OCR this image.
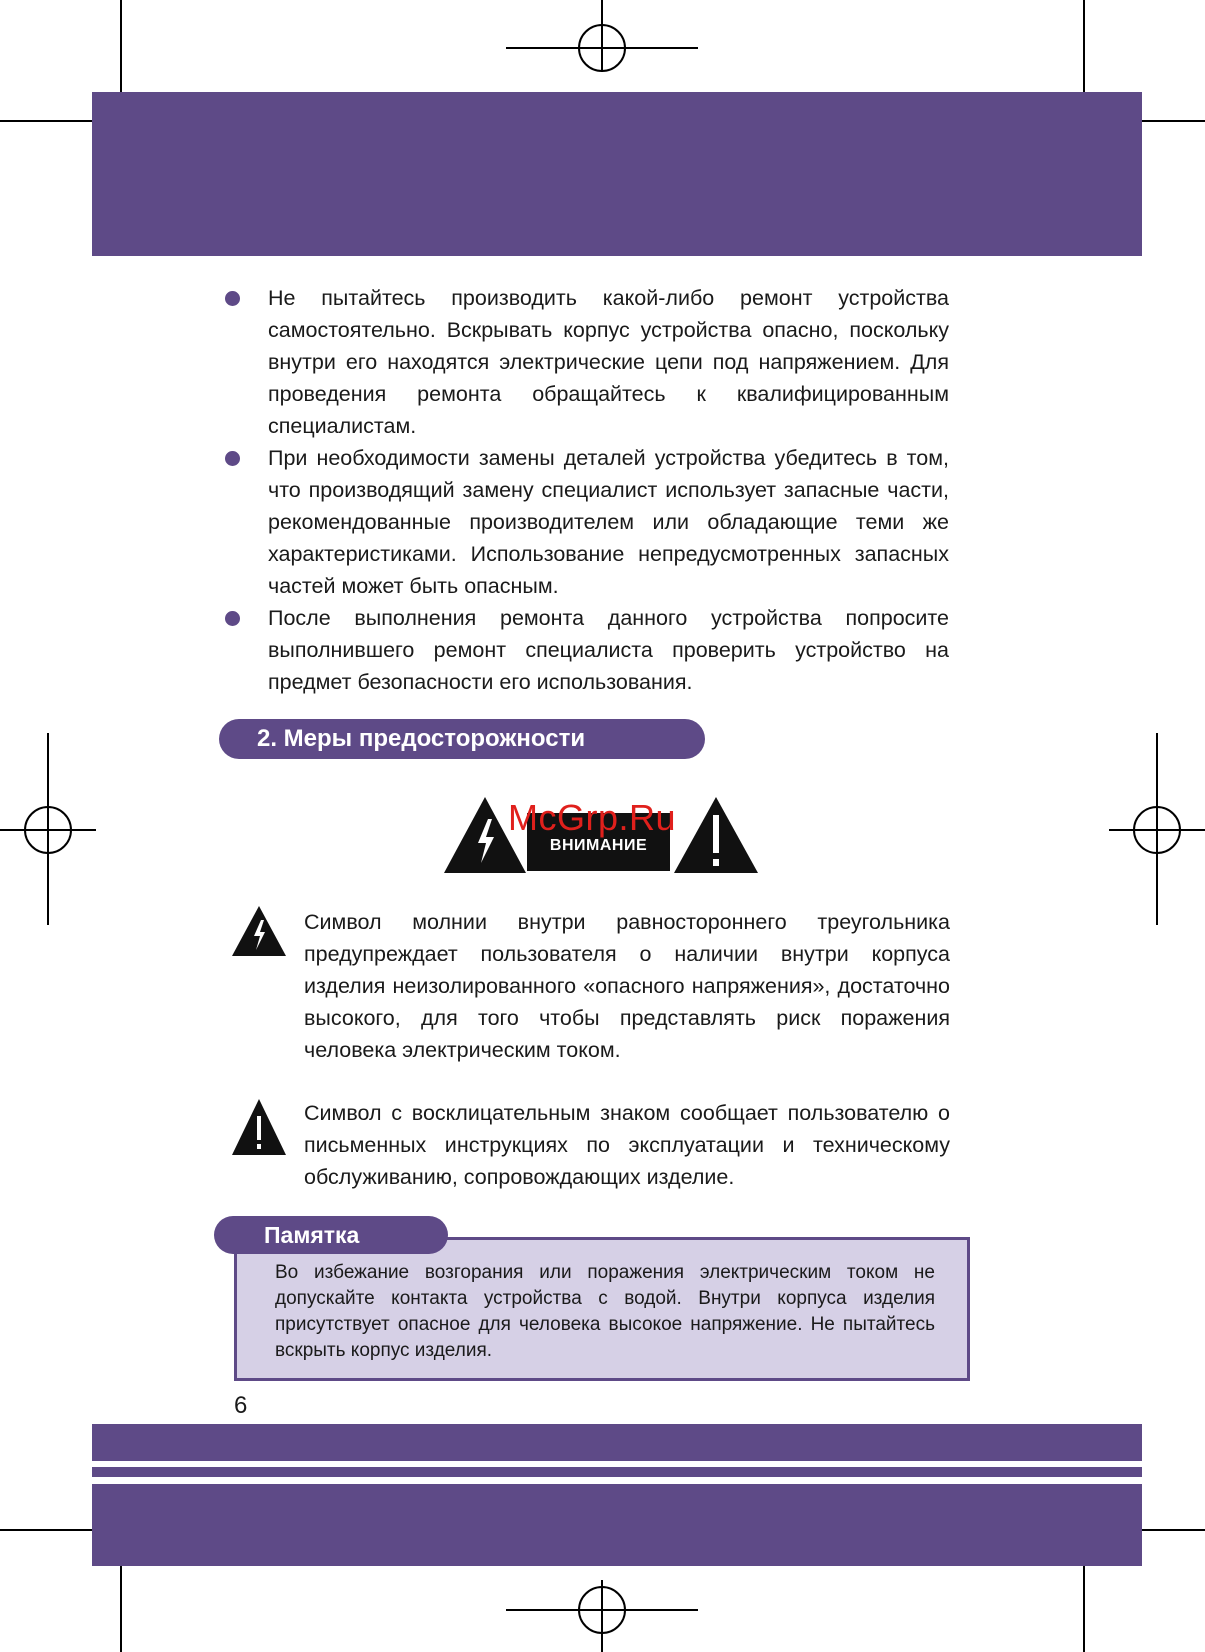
Не пытайтесь производить какой-либо ремонт устройства самостоятельно. Вскрывать корпус устройства опасно, поскольку внутри его находятся электрические цепи под напряжением. Для проведения ремонта обращайтесь к квалифицированным специалистам.

При необходимости замены деталей устройства убедитесь в том, что производящий замену специалист использует запасные части, рекомендованные производителем или обладающие теми же характеристиками. Использование непредусмотренных запасных частей может быть опасным.

После выполнения ремонта данного устройства попросите выполнившего ремонт специалиста проверить устройство на предмет безопасности его использования.

2. Меры предосторожности
ВНИМАНИЕ
McGrp.Ru

Символ молнии внутри равностороннего треугольника предупреждает пользователя о наличии внутри корпуса изделия неизолированного «опасного напряжения», достаточно высокого, для того чтобы представлять риск поражения человека электрическим током.

Символ с восклицательным знаком сообщает пользователю о письменных инструкциях по эксплуатации и техническому обслуживанию, сопровождающих изделие.

Во избежание возгорания или поражения электрическим током не допускайте контакта устройства с водой. Внутри корпуса изделия присутствует опасное для человека высокое напряжение. Не пытайтесь вскрыть корпус изделия.

Памятка
6
